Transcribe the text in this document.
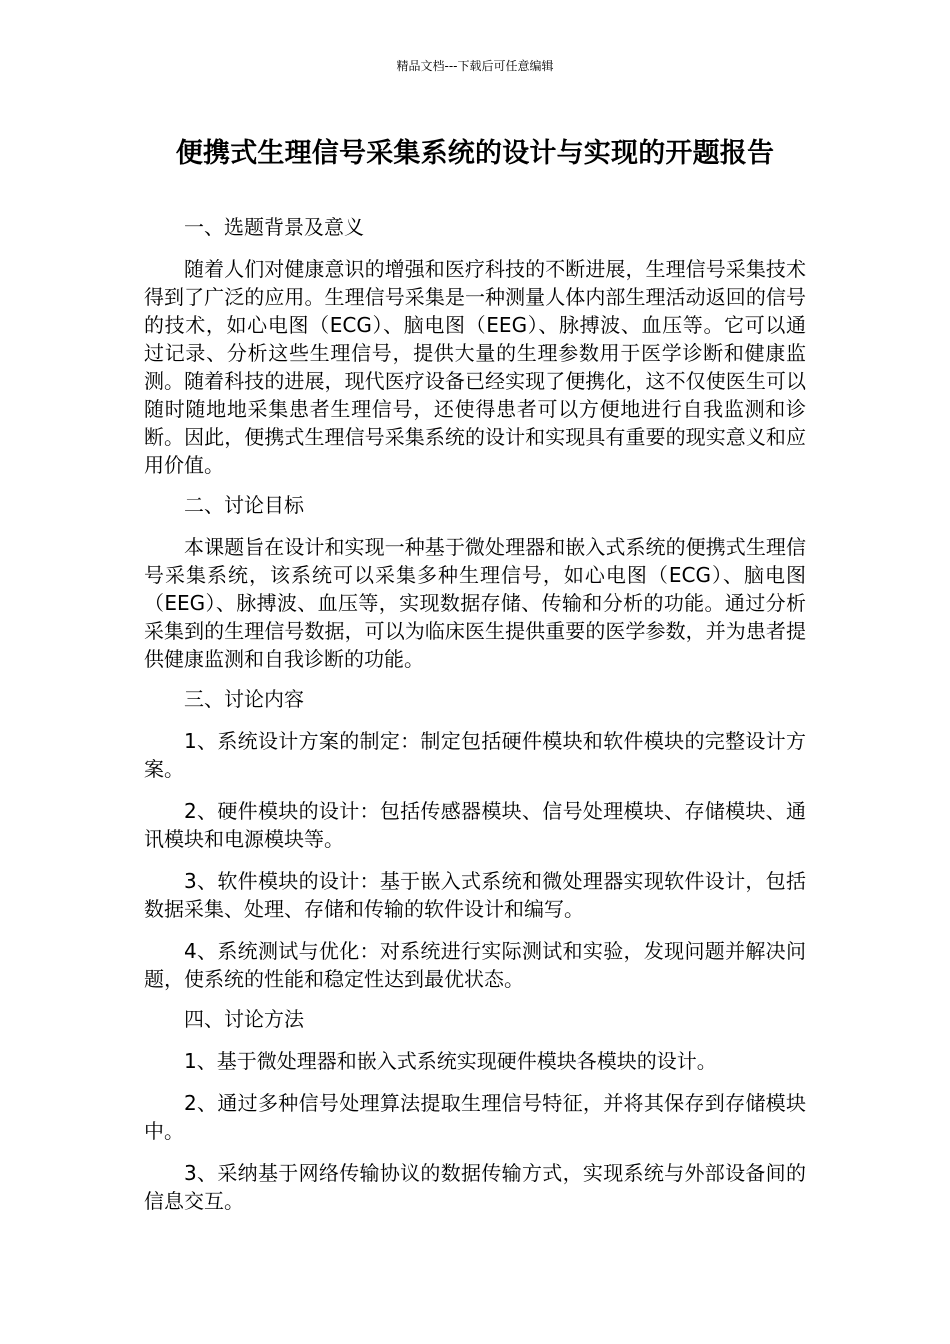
精品文档---下载后可任意编辑
便携式生理信号采集系统的设计与实现的开题报告

一、选题背景及意义

随着人们对健康意识的增强和医疗科技的不断进展，生理信号采集技术得到了广泛的应用。生理信号采集是一种测量人体内部生理活动返回的信号的技术，如心电图（ECG）、脑电图（EEG）、脉搏波、血压等。它可以通过记录、分析这些生理信号，提供大量的生理参数用于医学诊断和健康监测。随着科技的进展，现代医疗设备已经实现了便携化，这不仅使医生可以随时随地地采集患者生理信号，还使得患者可以方便地进行自我监测和诊断。因此，便携式生理信号采集系统的设计和实现具有重要的现实意义和应用价值。

二、讨论目标

本课题旨在设计和实现一种基于微处理器和嵌入式系统的便携式生理信号采集系统，该系统可以采集多种生理信号，如心电图（ECG）、脑电图（EEG）、脉搏波、血压等，实现数据存储、传输和分析的功能。通过分析采集到的生理信号数据，可以为临床医生提供重要的医学参数，并为患者提供健康监测和自我诊断的功能。

三、讨论内容

1、系统设计方案的制定：制定包括硬件模块和软件模块的完整设计方案。

2、硬件模块的设计：包括传感器模块、信号处理模块、存储模块、通讯模块和电源模块等。

3、软件模块的设计：基于嵌入式系统和微处理器实现软件设计，包括数据采集、处理、存储和传输的软件设计和编写。

4、系统测试与优化：对系统进行实际测试和实验，发现问题并解决问题，使系统的性能和稳定性达到最优状态。

四、讨论方法

1、基于微处理器和嵌入式系统实现硬件模块各模块的设计。

2、通过多种信号处理算法提取生理信号特征，并将其保存到存储模块中。

3、采纳基于网络传输协议的数据传输方式，实现系统与外部设备间的信息交互。
